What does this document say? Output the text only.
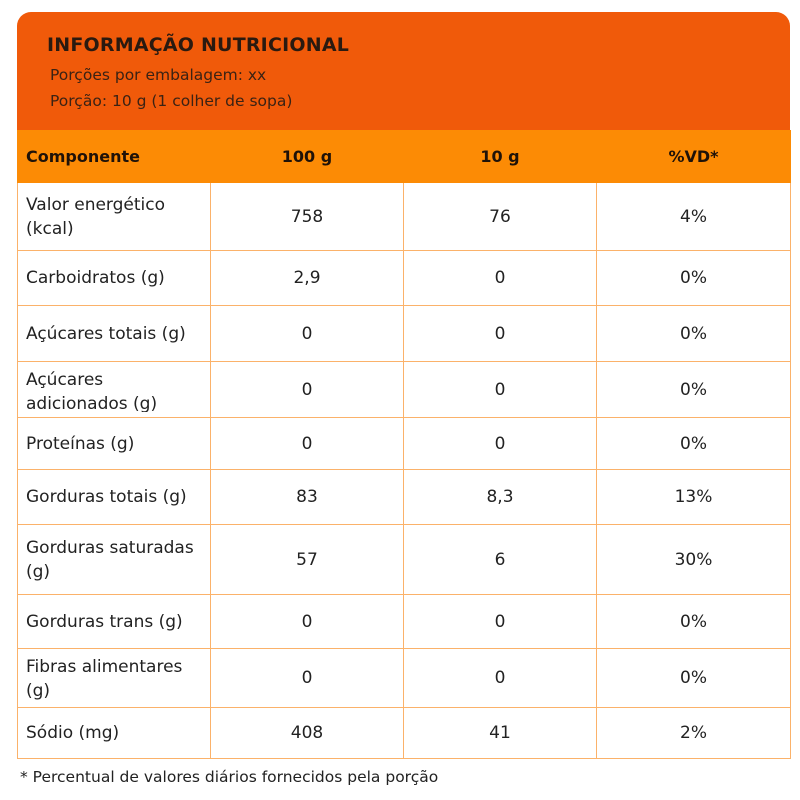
INFORMAÇÃO NUTRICIONAL
Porções por embalagem: xx
Porção: 10 g (1 colher de sopa)
Componente	100 g	10 g	%VD*
Valor energético (kcal)	758	76	4%
Carboidratos (g)	2,9	0	0%
Açúcares totais (g)	0	0	0%

Açúcares adicionados (g)	0	0	0%
Proteínas (g)	0	0	0%
Gorduras totais (g)	83	8,3	13%
Gorduras saturadas (g)	57	6	30%
Gorduras trans (g)	0	0	0%

Fibras alimentares (g)	0	0	0%
Sódio (mg)	408	41	2%
* Percentual de valores diários fornecidos pela porção
